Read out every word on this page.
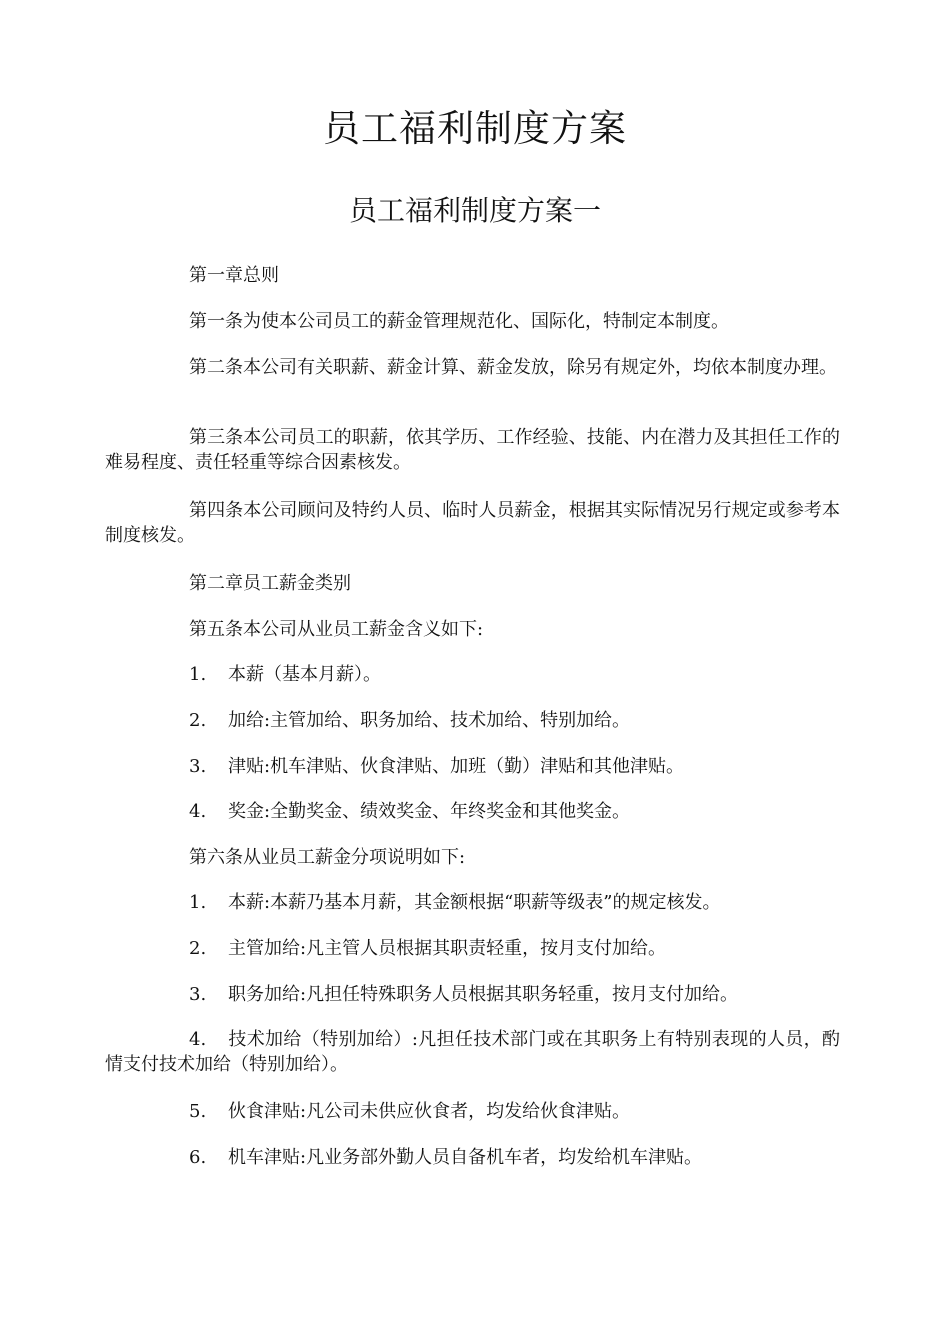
员工福利制度方案
员工福利制度方案一

第一章总则

第一条为使本公司员工的薪金管理规范化、国际化，特制定本制度。

第二条本公司有关职薪、薪金计算、薪金发放，除另有规定外，均依本制度办理。

第三条本公司员工的职薪，依其学历、工作经验、技能、内在潜力及其担任工作的难易程度、责任轻重等综合因素核发。

第四条本公司顾问及特约人员、临时人员薪金，根据其实际情况另行规定或参考本制度核发。

第二章员工薪金类别

第五条本公司从业员工薪金含义如下:

1. 本薪（基本月薪）。

2. 加给:主管加给、职务加给、技术加给、特别加给。

3. 津贴:机车津贴、伙食津贴、加班（勤）津贴和其他津贴。

4. 奖金:全勤奖金、绩效奖金、年终奖金和其他奖金。

第六条从业员工薪金分项说明如下:

1. 本薪:本薪乃基本月薪，其金额根据“职薪等级表”的规定核发。

2. 主管加给:凡主管人员根据其职责轻重，按月支付加给。

3. 职务加给:凡担任特殊职务人员根据其职务轻重，按月支付加给。

4. 技术加给（特别加给）:凡担任技术部门或在其职务上有特别表现的人员，酌情支付技术加给（特别加给）。

5. 伙食津贴:凡公司未供应伙食者，均发给伙食津贴。

6. 机车津贴:凡业务部外勤人员自备机车者，均发给机车津贴。
